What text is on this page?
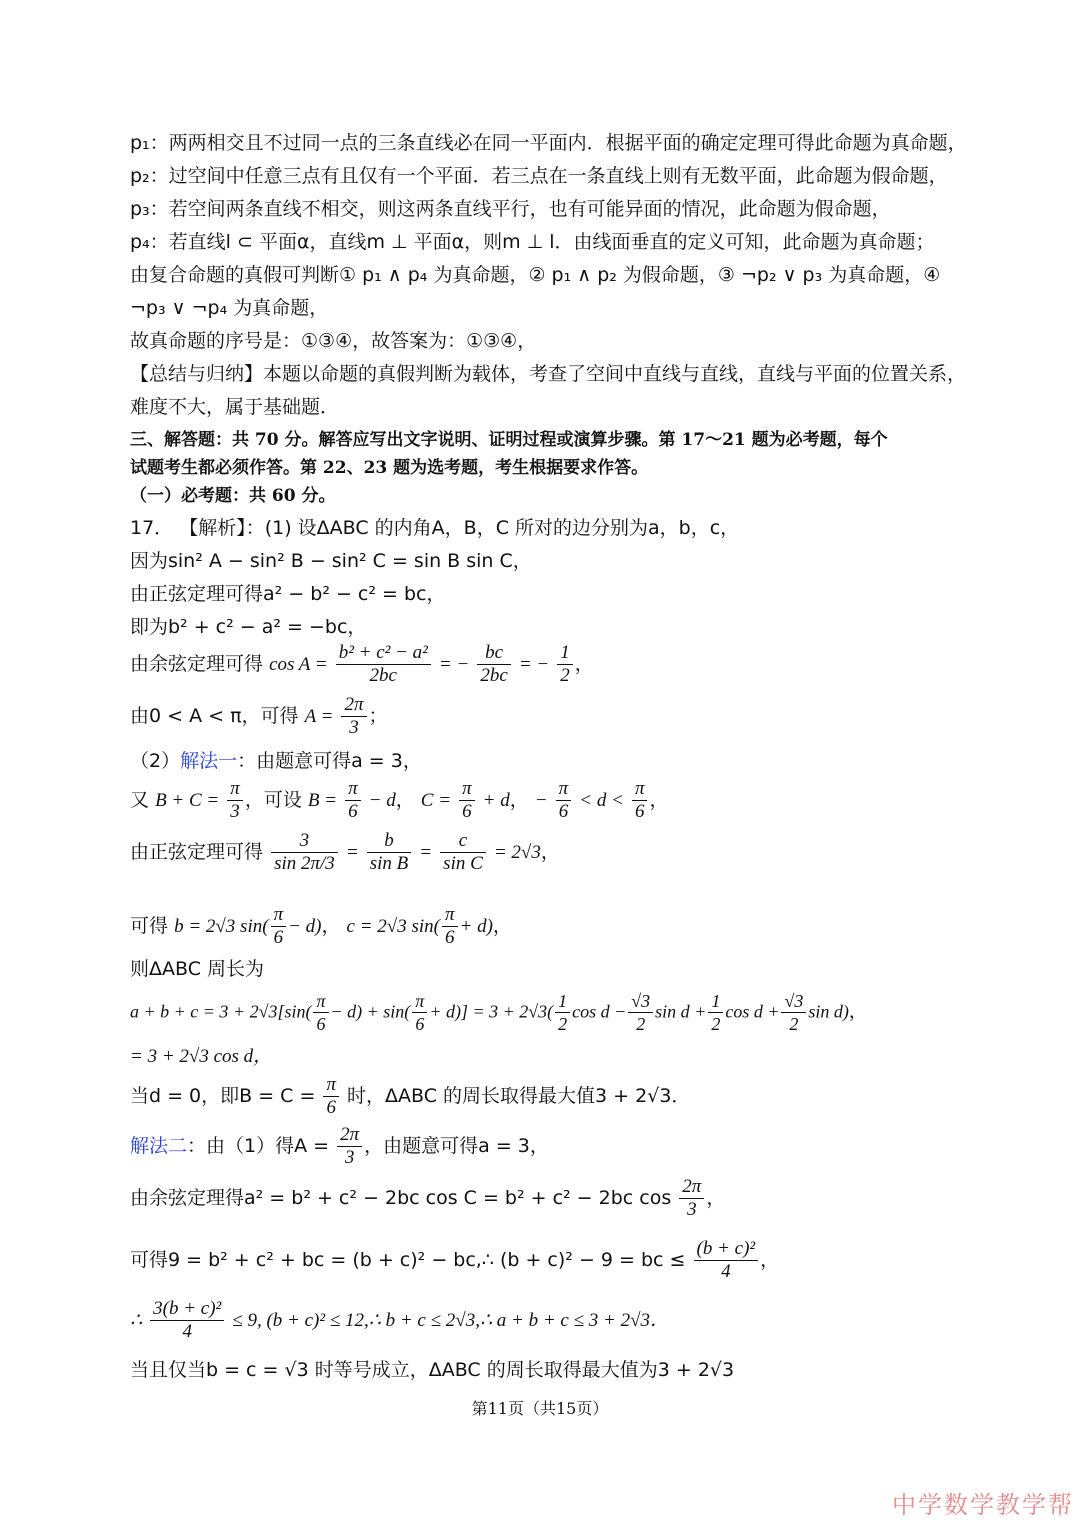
p₁：两两相交且不过同一点的三条直线必在同一平面内．根据平面的确定定理可得此命题为真命题，
p₂：过空间中任意三点有且仅有一个平面．若三点在一条直线上则有无数平面，此命题为假命题，
p₃：若空间两条直线不相交，则这两条直线平行，也有可能异面的情况，此命题为假命题，
p₄：若直线l ⊂ 平面α，直线m ⊥ 平面α，则m ⊥ l．由线面垂直的定义可知，此命题为真命题；
由复合命题的真假可判断① p₁ ∧ p₄ 为真命题，② p₁ ∧ p₂ 为假命题，③ ¬p₂ ∨ p₃ 为真命题，④
¬p₃ ∨ ¬p₄ 为真命题，
故真命题的序号是：①③④，故答案为：①③④，
【总结与归纳】本题以命题的真假判断为载体，考查了空间中直线与直线，直线与平面的位置关系，
难度不大，属于基础题．
三、解答题：共 70 分。解答应写出文字说明、证明过程或演算步骤。第 17～21 题为必考题，每个
试题考生都必须作答。第 22、23 题为选考题，考生根据要求作答。
（一）必考题：共 60 分。
17． 【解析】：(1) 设ΔABC 的内角A，B，C 所对的边分别为a，b，c，
因为sin² A − sin² B − sin² C = sin B sin C，
由正弦定理可得a² − b² − c² = bc，
即为b² + c² − a² = −bc，
由余弦定理可得 $\cos A = \frac{\text{b² + c² − a²}}{2bc}$ = − $\frac{bc}{2bc}$ = − $\frac{1}{2}$ ，
由0 < A < π，可得 $A = \frac{2\pi}{3}$ ；
（2）解法一：由题意可得a = 3，
又 $B + C = \frac{\pi}{3}$ ，可设 $B = \frac{\pi}{6} - d$， $C = \frac{\pi}{6} + d$， − $\frac{\pi}{6} < d < \frac{\pi}{6}$ ，
由正弦定理可得 $\frac{3}{\sin 2\pi/3} = \frac{b}{\text{sin B}} = \frac{c}{\text{sin C}} = 2√3$，
可得 b = 2√3 $\sin( \frac{\pi}{6} - d)$， c = 2√3 $\sin( \frac{\pi}{6} + d)$，
则ΔABC 周长为
$a + b + c = 3 + 2√3[\sin( \frac{\pi}{6} - d) + \sin( \frac{\pi}{6} + d)] = 3 + 2√3( \frac{1}{2}$ $\cos d - \frac{√3}{2}$ $\sin d + \frac{1}{2}$ $\cos d + \frac{√3}{2}$ sin d)，
= 3 + 2√3 cos d，
当d = 0，即$B = C = \frac{\pi}{6}$ 时，ΔABC 的周长取得最大值3 + 2√3．
解法二：由（1）得$A = \frac{2\pi}{3}$ ，由题意可得a = 3，
由余弦定理得a² = b² + c² − 2bc cos C = b² + c² − 2bc $\cos \frac{2\pi}{3}$ ，
可得9 = b² + c² + bc = (b + c)² − bc,∴ (b + c)² − 9 = bc ≤ $\frac{\text{(b + c)²}}{4}$ ，
∴ $\frac{\text{3(b + c)²}}{4} \le 9$, (b + c)² ≤ 12,∴ b + c ≤ 2√3,∴ a + b + c ≤ 3 + 2√3．
当且仅当b = c = √3 时等号成立，ΔABC 的周长取得最大值为3 + 2√3
第11页（共15页）
中学数学教学帮
